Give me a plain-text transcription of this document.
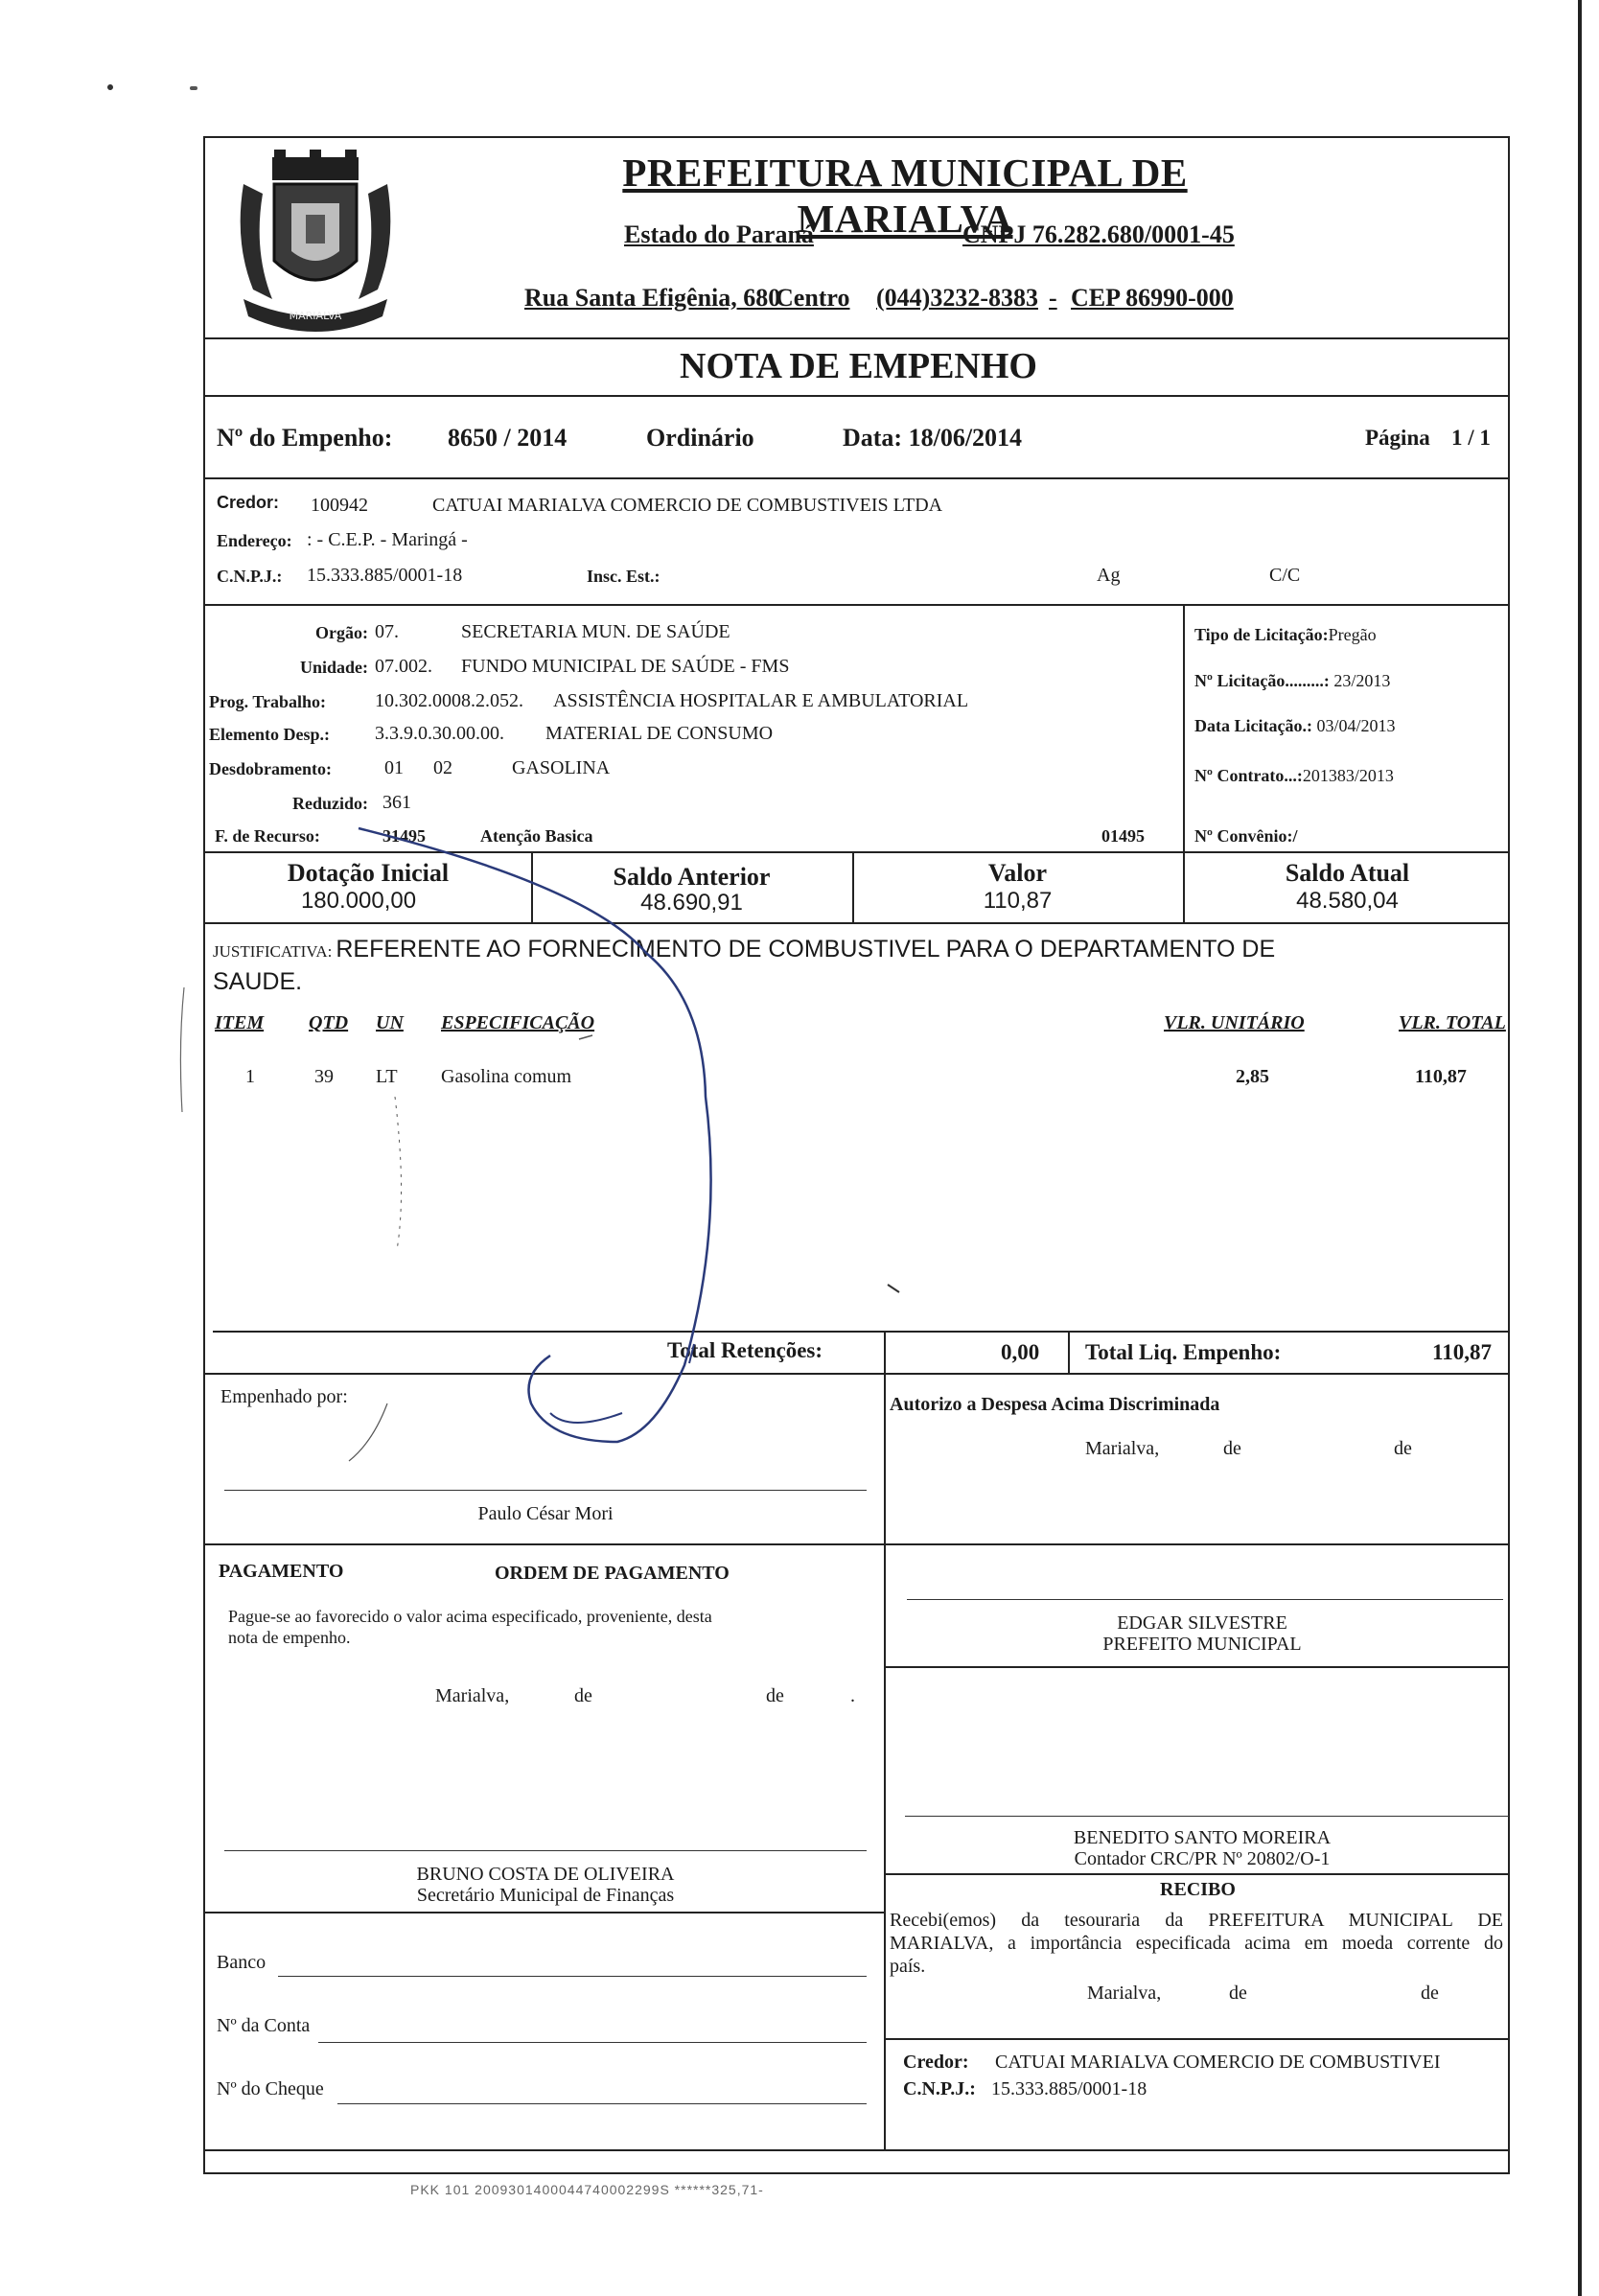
MARIALVA
PREFEITURA MUNICIPAL DE MARIALVA
Estado do Paraná	CNPJ 76.282.680/0001-45
Rua Santa Efigênia, 680
Centro (044)3232-8383 - CEP 86990-000
NOTA DE EMPENHO
Nº do Empenho: 8650 / 2014	Ordinário	Data: 18/06/2014	Página 1 / 1
Credor: 100942	CATUAI MARIALVA COMERCIO DE COMBUSTIVEIS LTDA
Endereço: : - C.E.P. - Maringá -
C.N.P.J.: 15.333.885/0001-18	Insc. Est.:	Ag	C/C
Orgão: 07.	SECRETARIA MUN. DE SAÚDE
Unidade: 07.002. FUNDO MUNICIPAL DE SAÚDE - FMS
Prog. Trabalho:	10.302.0008.2.052. ASSISTÊNCIA HOSPITALAR E AMBULATORIAL
Elemento Desp.: 3.3.9.0.30.00.00. MATERIAL DE CONSUMO
Desdobramento:	01 02	GASOLINA
Reduzido: 361
F. de Recurso:	31495	Atenção Basica	01495
Tipo de Licitação:Pregão
Nº Licitação.........: 23/2013
Data Licitação.: 03/04/2013
Nº Contrato...:201383/2013
Nº Convênio:/
Dotação Inicial
180.000,00
Saldo Anterior
48.690,91
Valor
110,87
Saldo Atual
48.580,04
JUSTIFICATIVA: REFERENTE AO FORNECIMENTO DE COMBUSTIVEL PARA O DEPARTAMENTO DE
SAUDE.
ITEM QTD UN ESPECIFICAÇÃO	VLR. UNITÁRIO	VLR. TOTAL
1	39 LT Gasolina comum	2,85	110,87
Total Retenções:	0,00 Total Liq. Empenho:	110,87
Empenhado por:
Paulo César Mori
Autorizo a Despesa Acima Discriminada
Marialva,	de	de
PAGAMENTO	ORDEM DE PAGAMENTO
Pague-se ao favorecido o valor acima especificado, proveniente, desta
nota de empenho.
Marialva,	de	de	.
EDGAR SILVESTRE
PREFEITO MUNICIPAL
BENEDITO SANTO MOREIRA
Contador CRC/PR Nº 20802/O-1
BRUNO COSTA DE OLIVEIRA
Secretário Municipal de Finanças
Banco
Nº da Conta
Nº do Cheque
RECIBO
Recebi(emos) da tesouraria da PREFEITURA MUNICIPAL DE
MARIALVA, a importância especificada acima em moeda corrente do
país.
Marialva,	de	de
Credor: CATUAI MARIALVA COMERCIO DE COMBUSTIVEI
C.N.P.J.: 15.333.885/0001-18
PKK 101 2009301400044740002299S ******325,71-
